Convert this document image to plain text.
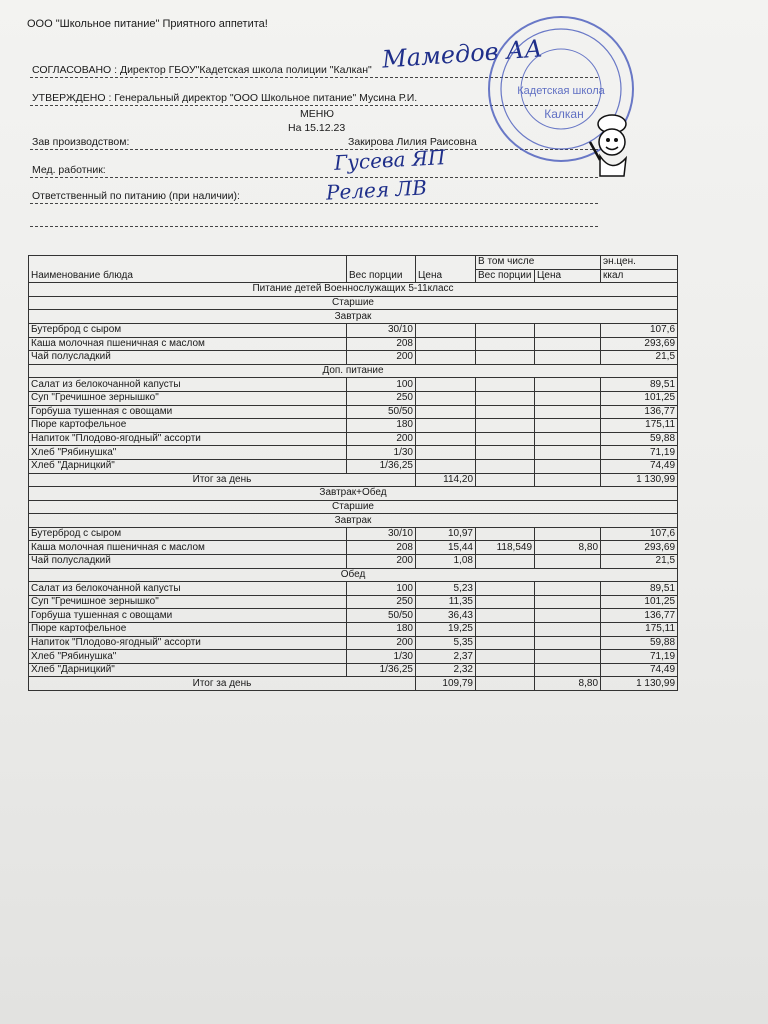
ООО "Школьное питание" Приятного аппетита!
СОГЛАСОВАНО : Директор ГБОУ"Кадетская школа полиции "Калкан" Мамедов АА
УТВЕРЖДЕНО : Генеральный директор "ООО Школьное питание" Мусина Р.И.
МЕНЮ
На 15.12.23
Зав производством:	Закирова Лилия Раисовна
Мед. работник:	Гусева ЯП
Ответственный по питанию (при наличии):	Релея ЛВ
Кадетская школа
Калкан
Наименование блюда	Вес порции	Цена	В том числе		эн.цен.
			Вес порции	Цена	ккал
Питание детей Военнослужащих 5-11класс					
Старшие					
Завтрак					
Бутерброд с сыром	30/10				107,6
Каша молочная пшеничная с маслом	208				293,69
Чай полусладкий	200				21,5
Доп. питание					
Салат из белокочанной капусты	100				89,51
Суп "Гречишное зернышко"	250				101,25
Горбуша тушенная с овощами	50/50				136,77
Пюре картофельное	180				175,11
Напиток "Плодово-ягодный" ассорти	200				59,88
Хлеб "Рябинушка"	1/30				71,19
Хлеб "Дарницкий"	1/36,25				74,49
Итог за день		114,20			1 130,99
Завтрак+Обед					
Старшие					
Завтрак					
Бутерброд с сыром	30/10	10,97			107,6
Каша молочная пшеничная с маслом	208	15,44	118,549	8,80	293,69
Чай полусладкий	200	1,08			21,5
Обед					
Салат из белокочанной капусты	100	5,23			89,51
Суп "Гречишное зернышко"	250	11,35			101,25
Горбуша тушенная с овощами	50/50	36,43			136,77
Пюре картофельное	180	19,25			175,11
Напиток "Плодово-ягодный" ассорти	200	5,35			59,88
Хлеб "Рябинушка"	1/30	2,37			71,19
Хлеб "Дарницкий"	1/36,25	2,32			74,49
Итог за день		109,79		8,80	1 130,99
